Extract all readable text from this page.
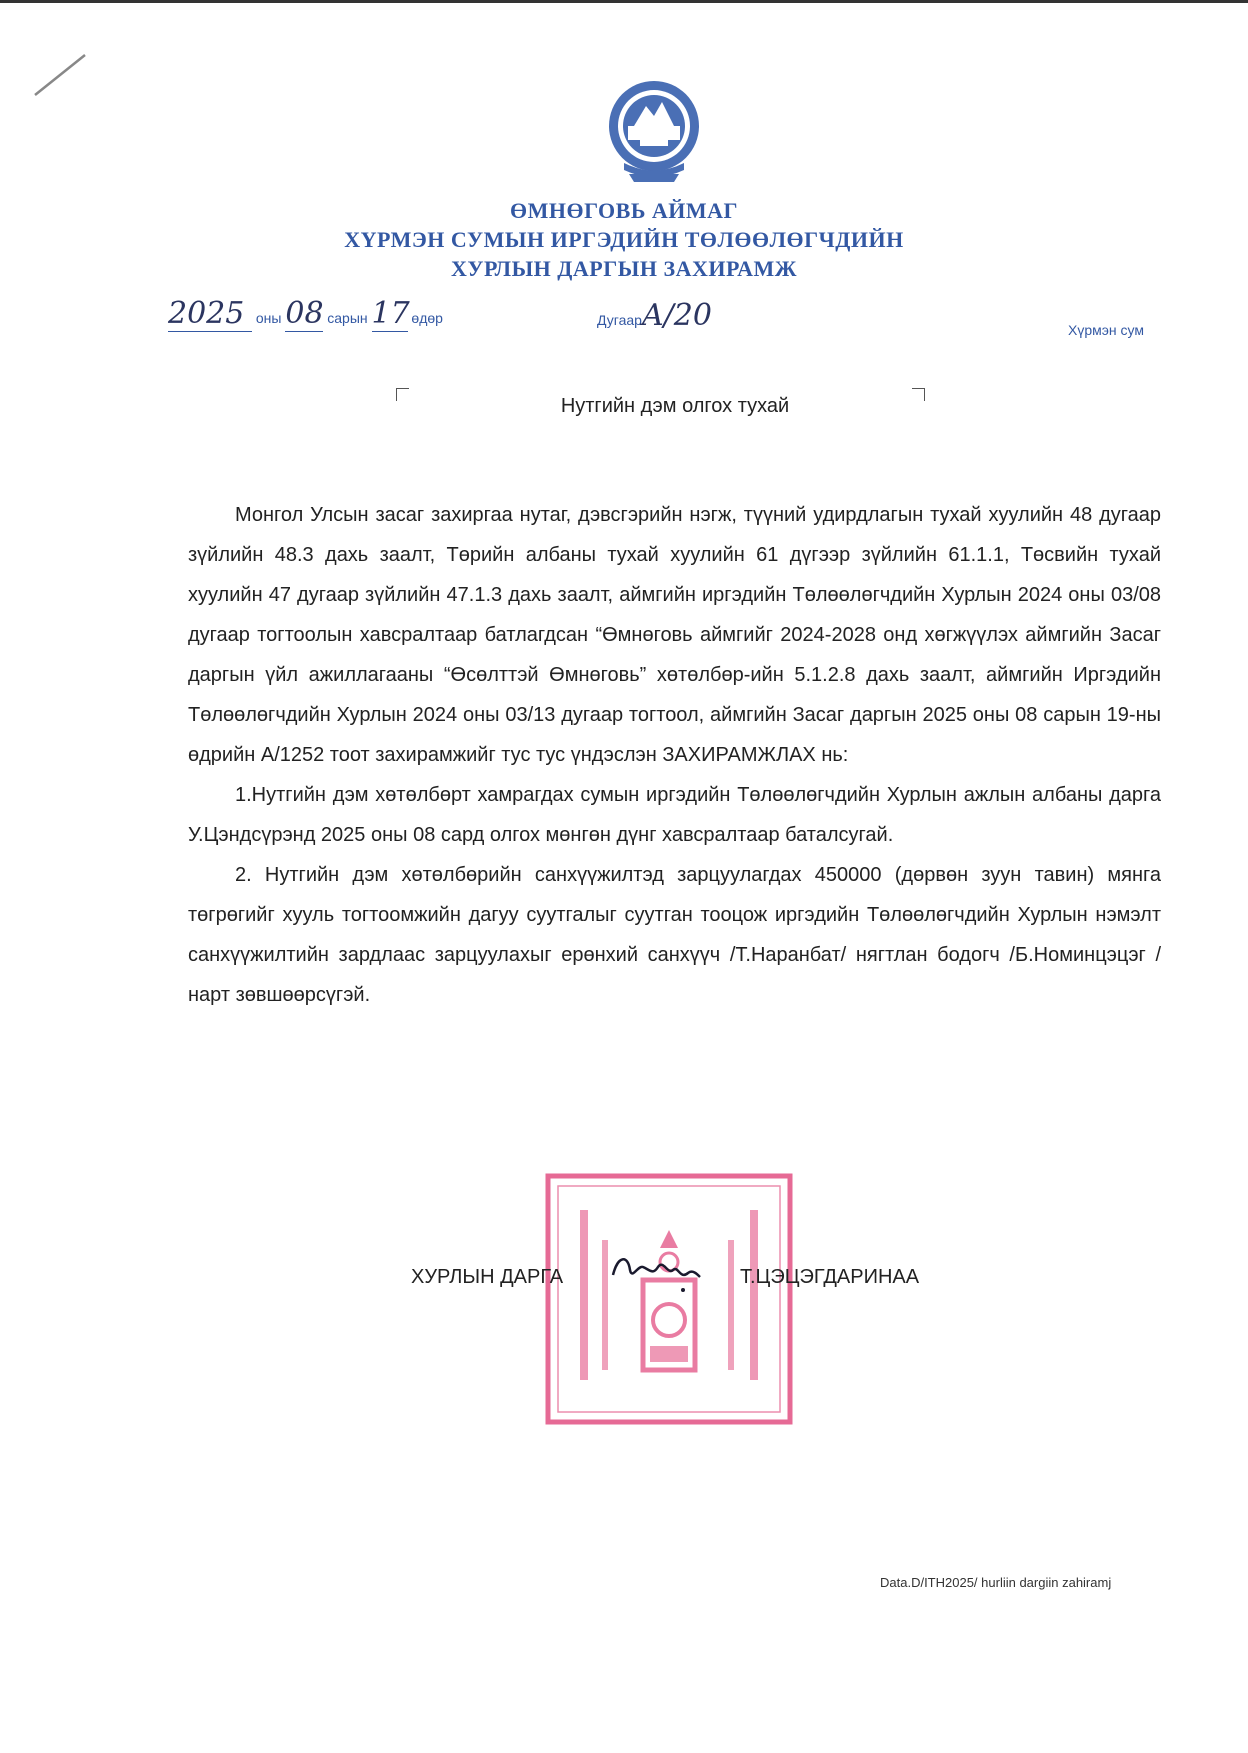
ӨМНӨГОВЬ АЙМАГ
ХҮРМЭН СУМЫН ИРГЭДИЙН ТӨЛӨӨЛӨГЧДИЙН
ХУРЛЫН ДАРГЫН ЗАХИРАМЖ
2025 оны 08 сарын 17 өдөр	ДугаарA/20	Хүрмэн сум
Нутгийн дэм олгох тухай

Монгол Улсын засаг захиргаа нутаг, дэвсгэрийн нэгж, түүний удирдлагын тухай хуулийн 48 дугаар зүйлийн 48.3 дахь заалт, Төрийн албаны тухай хуулийн 61 дүгээр зүйлийн 61.1.1, Төсвийн тухай хуулийн 47 дугаар зүйлийн 47.1.3 дахь заалт, аймгийн иргэдийн Төлөөлөгчдийн Хурлын 2024 оны 03/08 дугаар тогтоолын хавсралтаар батлагдсан “Өмнөговь аймгийг 2024-2028 онд хөгжүүлэх аймгийн Засаг даргын үйл ажиллагааны “Өсөлттэй Өмнөговь” хөтөлбөр-ийн 5.1.2.8 дахь заалт, аймгийн Иргэдийн Төлөөлөгчдийн Хурлын 2024 оны 03/13 дугаар тогтоол, аймгийн Засаг даргын 2025 оны 08 сарын 19-ны өдрийн А/1252 тоот захирамжийг тус тус үндэслэн ЗАХИРАМЖЛАХ нь:

1.Нутгийн дэм хөтөлбөрт хамрагдах сумын иргэдийн Төлөөлөгчдийн Хурлын ажлын албаны дарга У.Цэндсүрэнд 2025 оны 08 сард олгох мөнгөн дүнг хавсралтаар баталсугай.

2. Нутгийн дэм хөтөлбөрийн санхүүжилтэд зарцуулагдах 450000 (дөрвөн зуун тавин) мянга төгрөгийг хууль тогтоомжийн дагуу суутгалыг суутган тооцож иргэдийн Төлөөлөгчдийн Хурлын нэмэлт санхүүжилтийн зардлаас зарцуулахыг ерөнхий санхүүч /Т.Наранбат/ нягтлан бодогч /Б.Номинцэцэг / нарт зөвшөөрсүгэй.

ХУРЛЫН ДАРГА	Т.ЦЭЦЭГДАРИНАА
Data.D/ITH2025/ hurliin dargiin zahiramj
